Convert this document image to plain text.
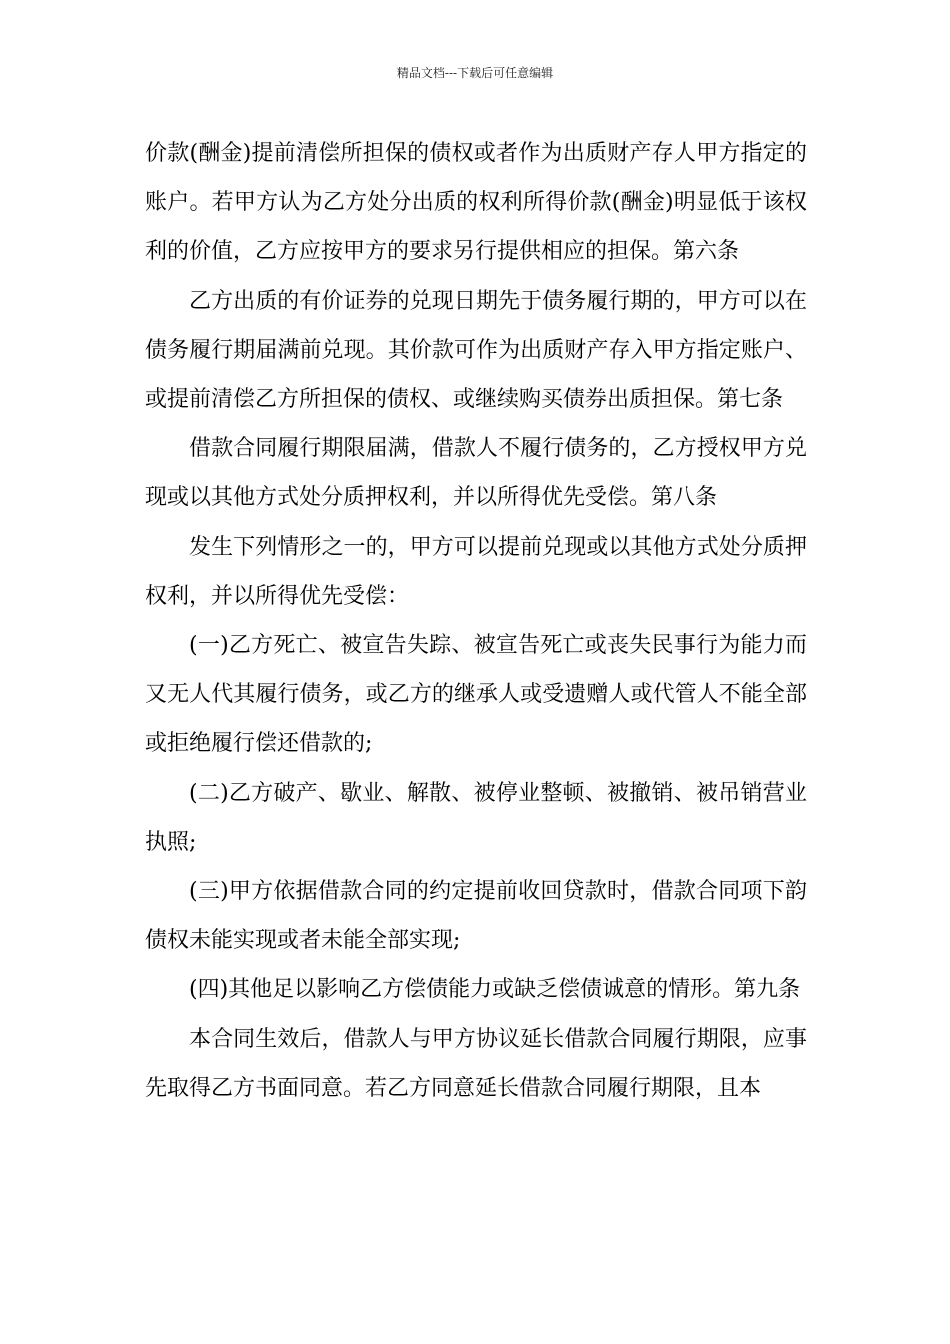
精品文档---下载后可任意编辑

价款(酬金)提前清偿所担保的债权或者作为出质财产存人甲方指定的账户。若甲方认为乙方处分出质的权利所得价款(酬金)明显低于该权利的价值，乙方应按甲方的要求另行提供相应的担保。第六条

乙方出质的有价证券的兑现日期先于债务履行期的，甲方可以在债务履行期届满前兑现。其价款可作为出质财产存入甲方指定账户、或提前清偿乙方所担保的债权、或继续购买债券出质担保。第七条

借款合同履行期限届满，借款人不履行债务的，乙方授权甲方兑现或以其他方式处分质押权利，并以所得优先受偿。第八条

发生下列情形之一的，甲方可以提前兑现或以其他方式处分质押权利，并以所得优先受偿：

(一)乙方死亡、被宣告失踪、被宣告死亡或丧失民事行为能力而又无人代其履行债务，或乙方的继承人或受遗赠人或代管人不能全部或拒绝履行偿还借款的;

(二)乙方破产、歇业、解散、被停业整顿、被撤销、被吊销营业执照;

(三)甲方依据借款合同的约定提前收回贷款时，借款合同项下韵债权未能实现或者未能全部实现;

(四)其他足以影响乙方偿债能力或缺乏偿债诚意的情形。第九条

本合同生效后，借款人与甲方协议延长借款合同履行期限，应事先取得乙方书面同意。若乙方同意延长借款合同履行期限，且本
